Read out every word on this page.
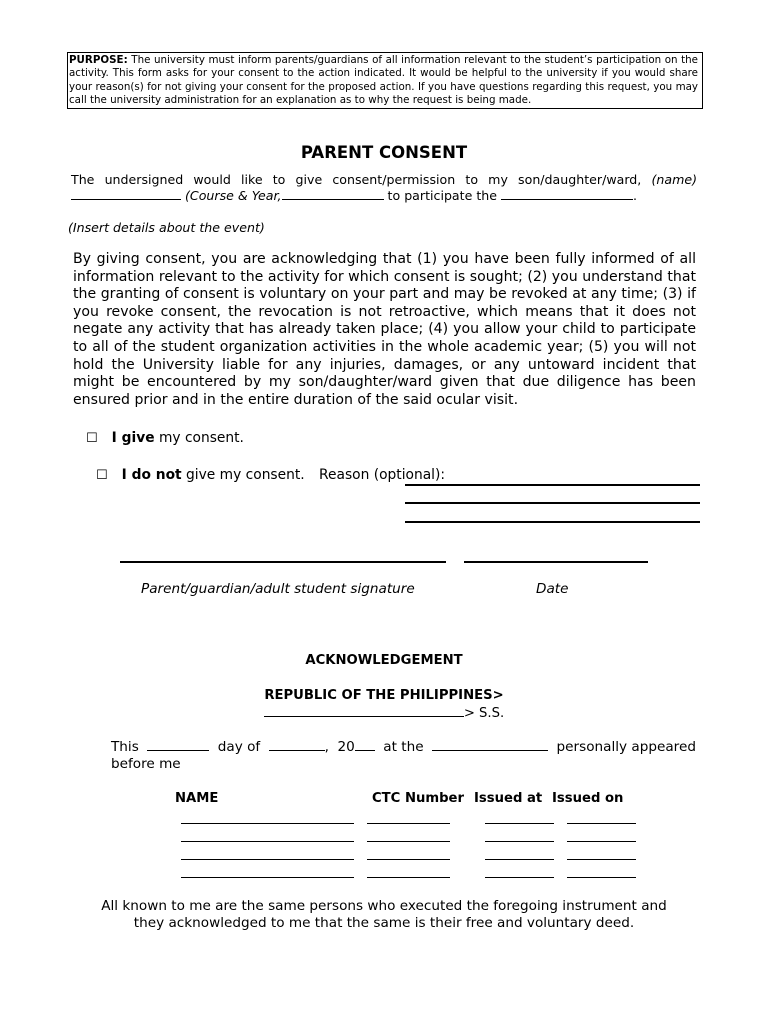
PURPOSE: The university must inform parents/guardians of all information relevant to the student’s participation on the activity. This form asks for your consent to the action indicated. It would be helpful to the university if you would share your reason(s) for not giving your consent for the proposed action. If you have questions regarding this request, you may call the university administration for an explanation as to why the request is being made.
PARENT CONSENT
The undersigned would like to give consent/permission to my son/daughter/ward, (name)
(Course & Year,	to participate the	.
(Insert details about the event)
By giving consent, you are acknowledging that (1) you have been fully informed of all information relevant to the activity for which consent is sought; (2) you understand that the granting of consent is voluntary on your part and may be revoked at any time; (3) if you revoke consent, the revocation is not retroactive, which means that it does not negate any activity that has already taken place; (4) you allow your child to participate to all of the student organization activities in the whole academic year; (5) you will not hold the University liable for any injuries, damages, or any untoward incident that might be encountered by my son/daughter/ward given that due diligence has been ensured prior and in the entire duration of the said ocular visit.
☐ I give my consent.
☐ I do not give my consent. Reason (optional):
Parent/guardian/adult student signature	Date
ACKNOWLEDGEMENT
REPUBLIC OF THE PHILIPPINES>
> S.S.
This	day of	, 20	at the	personally appeared
before me
NAME	CTC Number Issued at Issued on
All known to me are the same persons who executed the foregoing instrument and
they acknowledged to me that the same is their free and voluntary deed.
